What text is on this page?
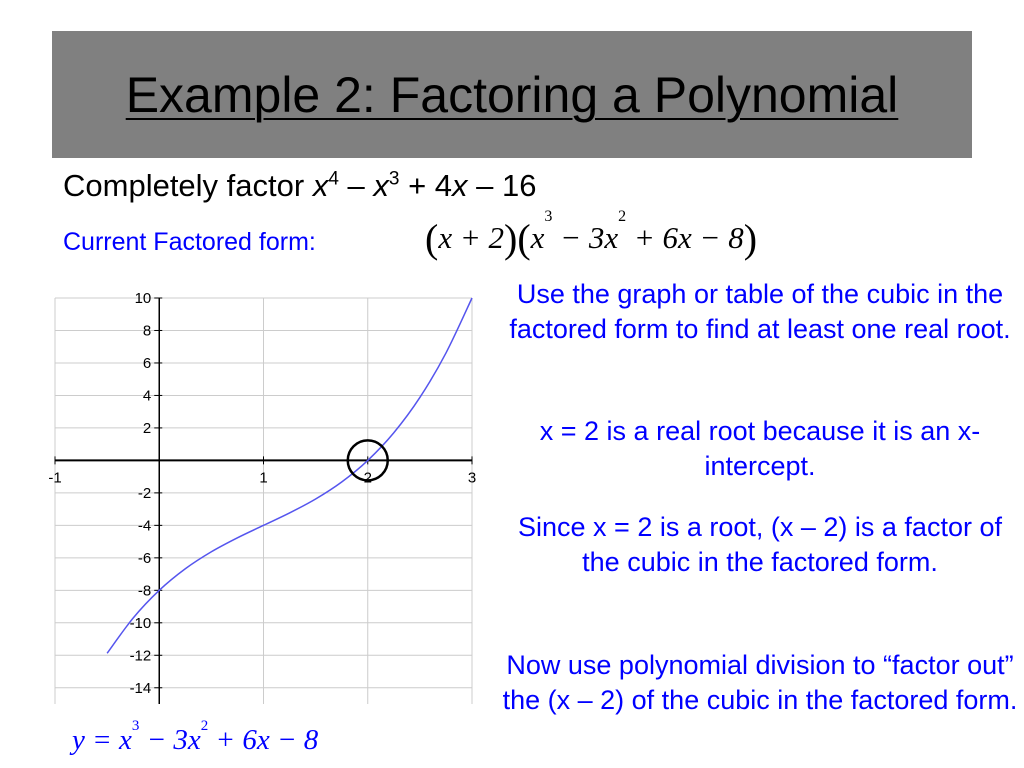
Example 2: Factoring a Polynomial
Completely factor $x^4 - x^3 + 4x - 16$
Current Factored form:	$(x + 2)(x^3 - 3x^2 + 6x - 8)$
10
8
6
4
2
-2
-4
-6
-8
-10
-12
-14
-1	1	2	3
$y = x^3 - 3x^2 + 6x - 8$
Use the graph or table of the cubic in the factored form to find at least one real root.
x = 2 is a real root because it is an x-intercept.
Since x = 2 is a root, (x – 2) is a factor of the cubic in the factored form.
Now use polynomial division to “factor out” the (x – 2) of the cubic in the factored form.
